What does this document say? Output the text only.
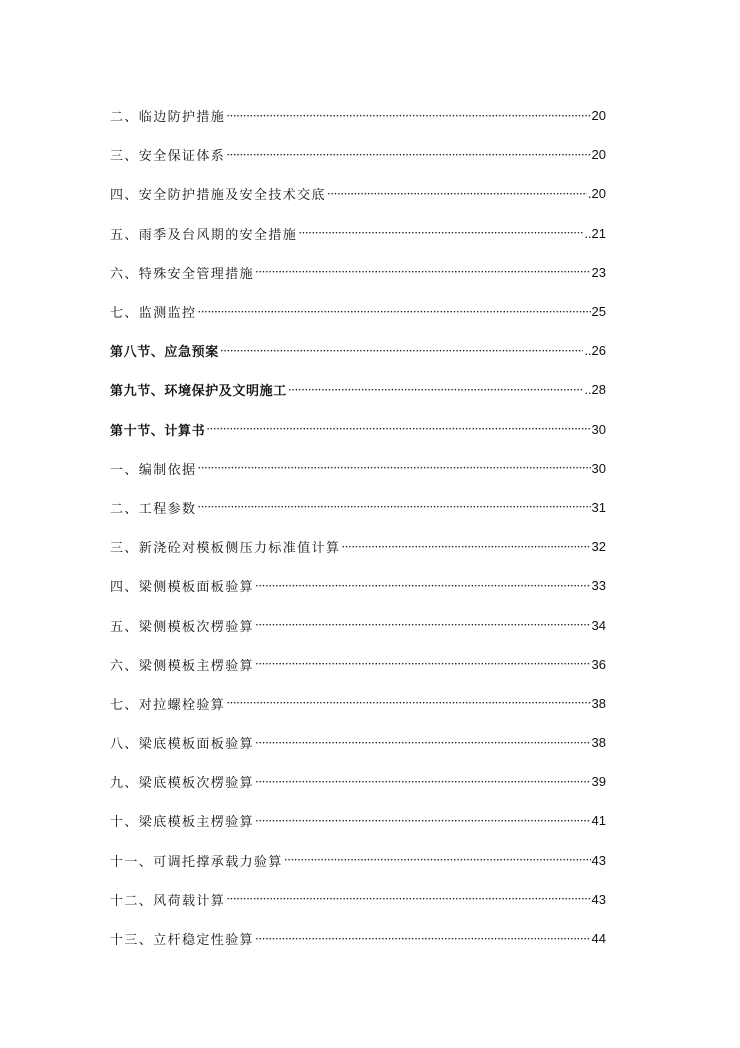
二、临边防护措施 ·····	20
三、安全保证体系 ·····	20
四、安全防护措施及安全技术交底 ·····	.20
五、雨季及台风期的安全措施 ·····	..21
六、特殊安全管理措施 ·····	23
七、监测监控 ·····	25
第八节、应急预案 ·····	..26
第九节、环境保护及文明施工 ·····	..28
第十节、计算书 ·····	30
一、编制依据 ·····	30
二、工程参数 ·····	31
三、新浇砼对模板侧压力标准值计算 ·····	32
四、梁侧模板面板验算 ·····	33
五、梁侧模板次楞验算 ·····	34
六、梁侧模板主楞验算 ·····	36
七、对拉螺栓验算 ·····	38
八、梁底模板面板验算 ·····	38
九、梁底模板次楞验算 ·····	39
十、梁底模板主楞验算 ·····	41
十一、可调托撑承载力验算 ·····	43
十二、风荷载计算 ·····	43
十三、立杆稳定性验算 ·····	44
